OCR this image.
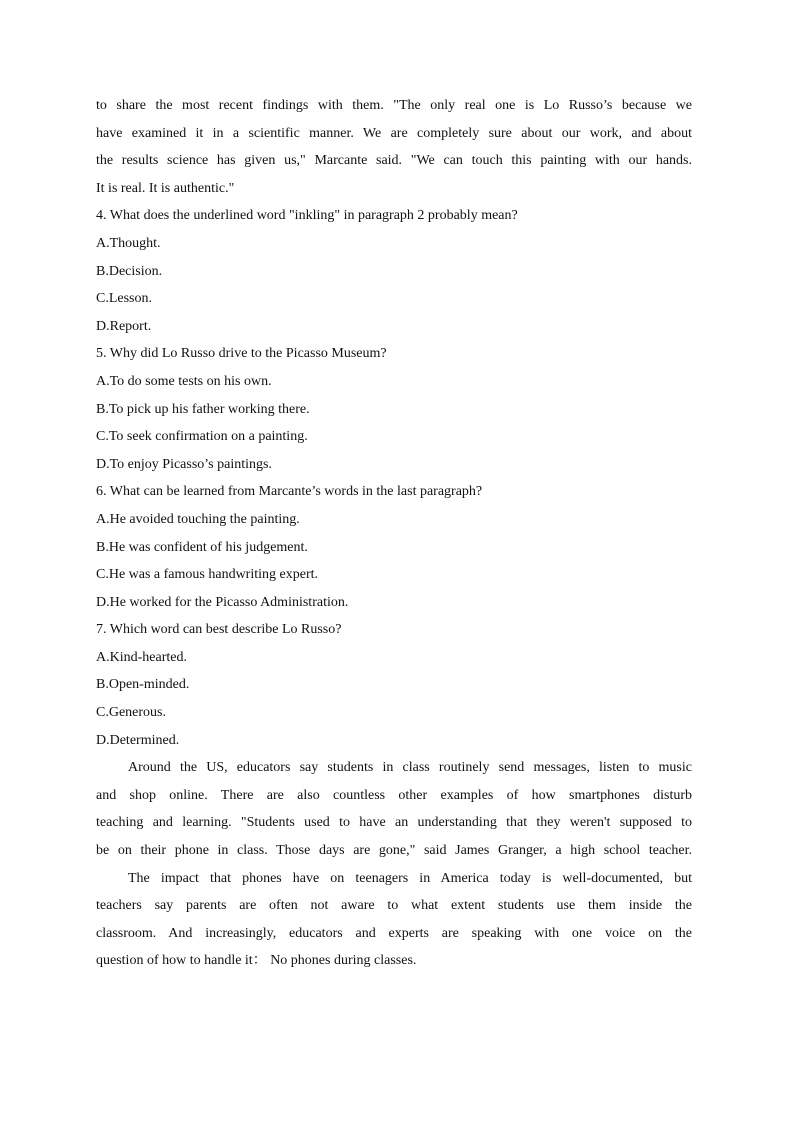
to share the most recent findings with them. "The only real one is Lo Russo’s because we
have examined it in a scientific manner. We are completely sure about our work, and about
the results science has given us," Marcante said. "We can touch this painting with our hands.
It is real. It is authentic."
4. What does the underlined word "inkling" in paragraph 2 probably mean?
A.Thought.
B.Decision.
C.Lesson.
D.Report.
5. Why did Lo Russo drive to the Picasso Museum?
A.To do some tests on his own.
B.To pick up his father working there.
C.To seek confirmation on a painting.
D.To enjoy Picasso’s paintings.
6. What can be learned from Marcante’s words in the last paragraph?
A.He avoided touching the painting.
B.He was confident of his judgement.
C.He was a famous handwriting expert.
D.He worked for the Picasso Administration.
7. Which word can best describe Lo Russo?
A.Kind-hearted.
B.Open-minded.
C.Generous.
D.Determined.
Around the US, educators say students in class routinely send messages, listen to music
and shop online. There are also countless other examples of how smartphones disturb
teaching and learning. "Students used to have an understanding that they weren't supposed to
be on their phone in class. Those days are gone," said James Granger, a high school teacher.
The impact that phones have on teenagers in America today is well-documented, but
teachers say parents are often not aware to what extent students use them inside the
classroom. And increasingly, educators and experts are speaking with one voice on the
question of how to handle it： No phones during classes.
